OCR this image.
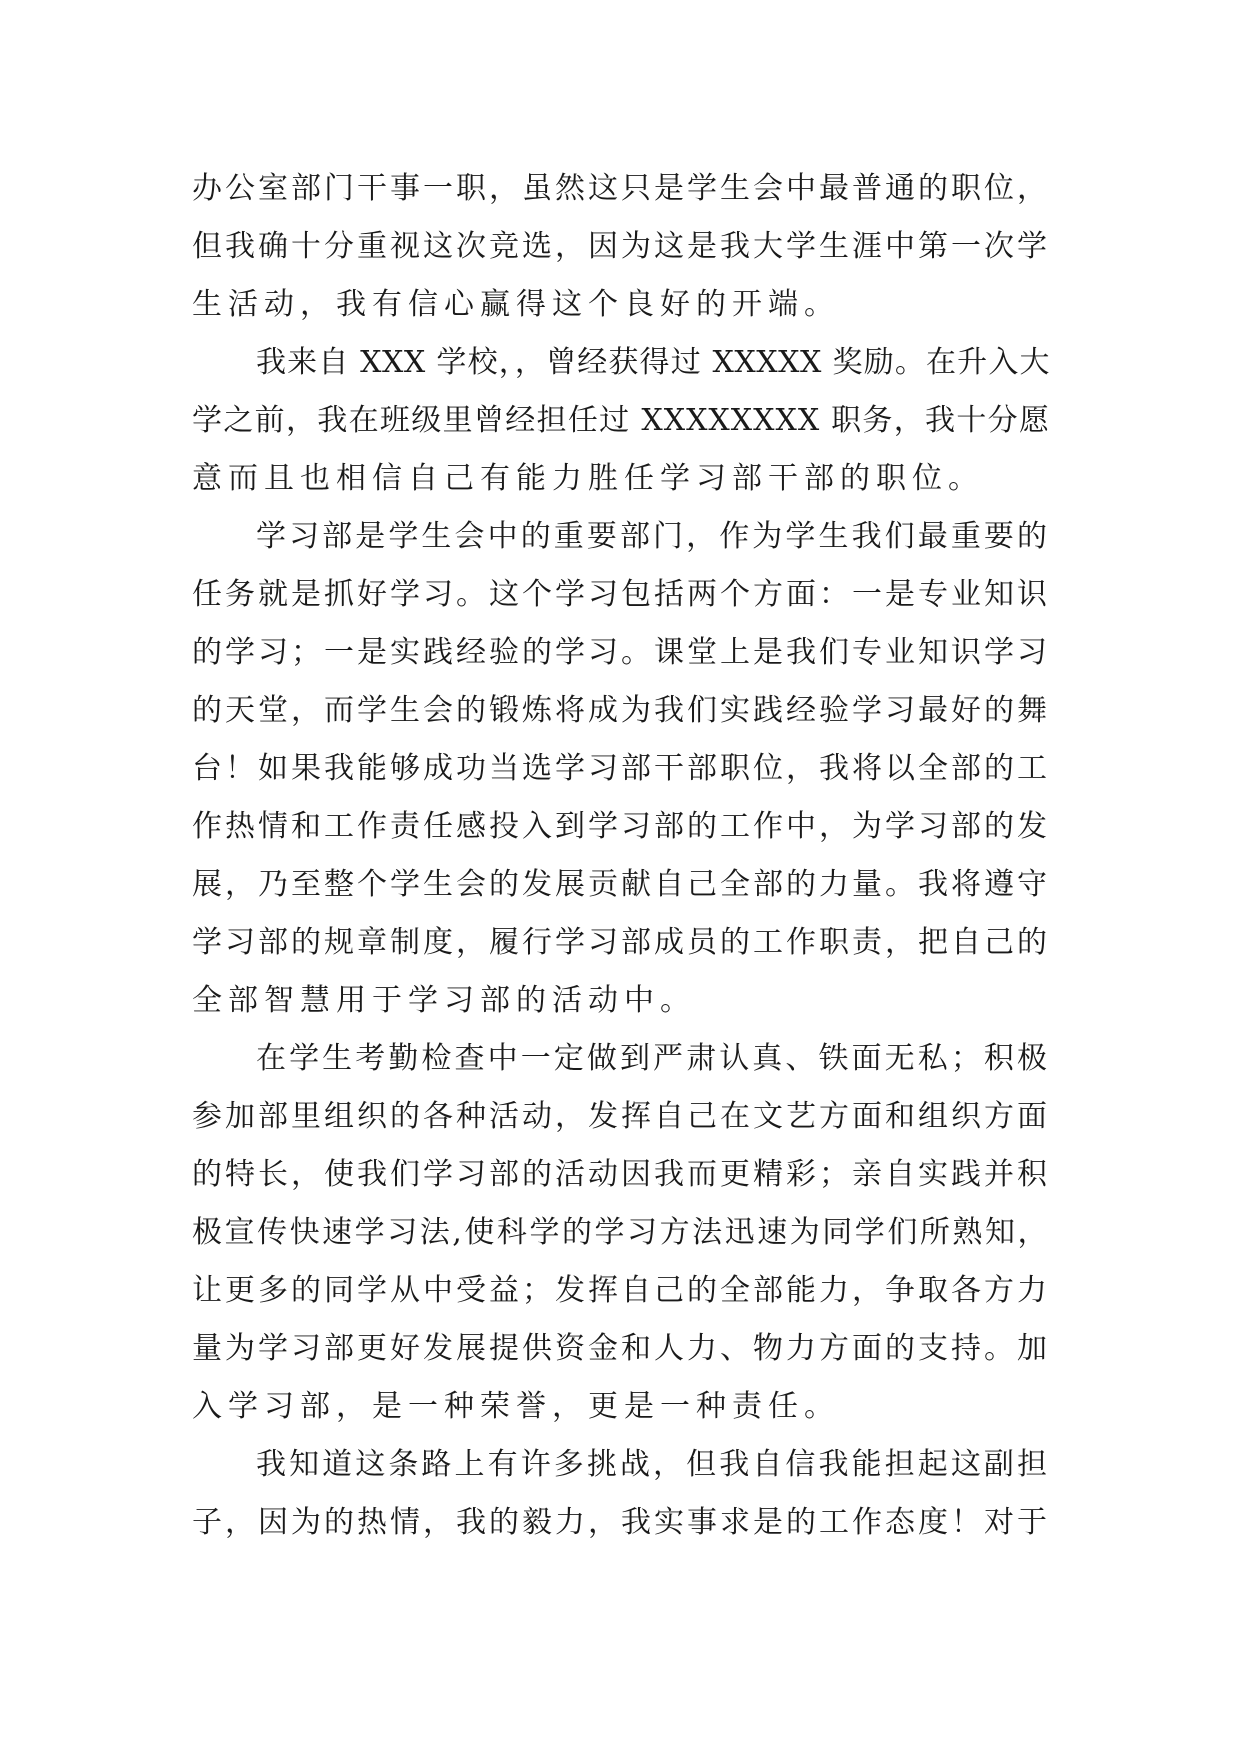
办公室部门干事一职，虽然这只是学生会中最普通的职位，
但我确十分重视这次竞选，因为这是我大学生涯中第一次学
生活动，我有信心赢得这个良好的开端。
我来自 XXX 学校，，曾经获得过 XXXXX 奖励。在升入大
学之前，我在班级里曾经担任过 XXXXXXXX 职务，我十分愿
意而且也相信自己有能力胜任学习部干部的职位。
学习部是学生会中的重要部门，作为学生我们最重要的
任务就是抓好学习。这个学习包括两个方面：一是专业知识
的学习；一是实践经验的学习。课堂上是我们专业知识学习
的天堂，而学生会的锻炼将成为我们实践经验学习最好的舞
台！如果我能够成功当选学习部干部职位，我将以全部的工
作热情和工作责任感投入到学习部的工作中，为学习部的发
展，乃至整个学生会的发展贡献自己全部的力量。我将遵守
学习部的规章制度，履行学习部成员的工作职责，把自己的
全部智慧用于学习部的活动中。
在学生考勤检查中一定做到严肃认真、铁面无私；积极
参加部里组织的各种活动，发挥自己在文艺方面和组织方面
的特长，使我们学习部的活动因我而更精彩；亲自实践并积
极宣传快速学习法,使科学的学习方法迅速为同学们所熟知，
让更多的同学从中受益；发挥自己的全部能力，争取各方力
量为学习部更好发展提供资金和人力、物力方面的支持。加
入学习部，是一种荣誉，更是一种责任。
我知道这条路上有许多挑战，但我自信我能担起这副担
子，因为的热情，我的毅力，我实事求是的工作态度！对于
